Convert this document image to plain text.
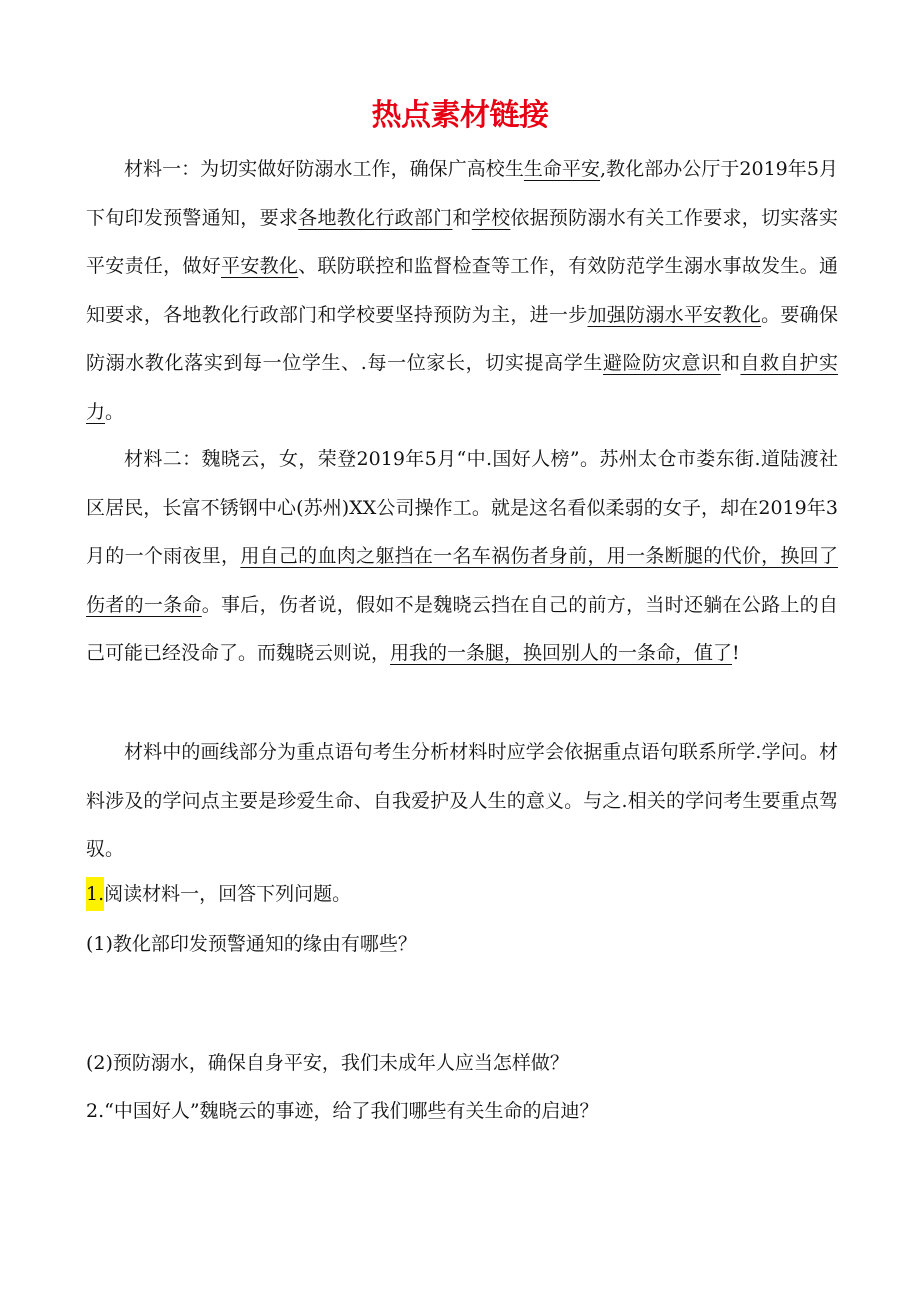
热点素材链接

材料一：为切实做好防溺水工作，确保广高校生生命平安,教化部办公厅于2019年5月下旬印发预警通知，要求各地教化行政部门和学校依据预防溺水有关工作要求，切实落实平安责任，做好平安教化、联防联控和监督检查等工作，有效防范学生溺水事故发生。通知要求，各地教化行政部门和学校要坚持预防为主，进一步加强防溺水平安教化。要确保防溺水教化落实到每一位学生、.每一位家长，切实提高学生避险防灾意识和自救自护实力。

材料二：魏晓云，女，荣登2019年5月“中.国好人榜”。苏州太仓市娄东街.道陆渡社区居民，长富不锈钢中心(苏州)XX公司操作工。就是这名看似柔弱的女子，却在2019年3月的一个雨夜里，用自己的血肉之躯挡在一名车祸伤者身前，用一条断腿的代价，换回了伤者的一条命。事后，伤者说，假如不是魏晓云挡在自己的前方，当时还躺在公路上的自己可能已经没命了。而魏晓云则说，用我的一条腿，换回别人的一条命，值了!

材料中的画线部分为重点语句考生分析材料时应学会依据重点语句联系所学.学问。材料涉及的学问点主要是珍爱生命、自我爱护及人生的意义。与之.相关的学问考生要重点驾驭。

1.阅读材料一，回答下列问题。

(1)教化部印发预警通知的缘由有哪些？

(2)预防溺水，确保自身平安，我们未成年人应当怎样做？

2.“中国好人”魏晓云的事迹，给了我们哪些有关生命的启迪？
